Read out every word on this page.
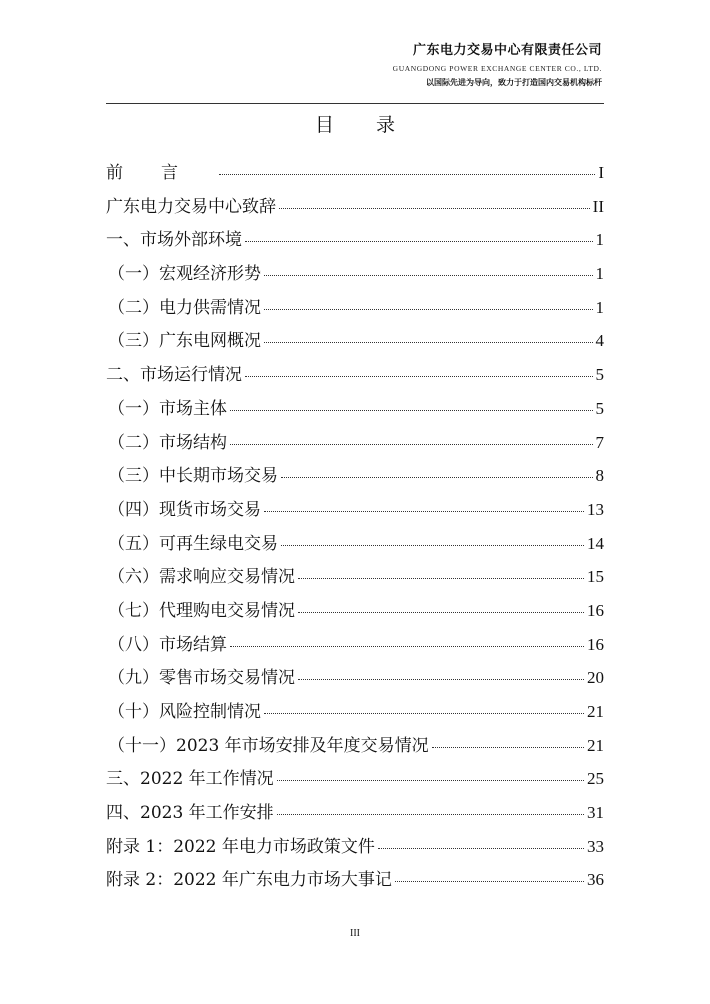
广东电力交易中心有限责任公司
GUANGDONG POWER EXCHANGE CENTER CO., LTD.
以国际先进为导向，致力于打造国内交易机构标杆
目 录
前言	I
广东电力交易中心致辞	II
一、市场外部环境	1
（一）宏观经济形势	1
（二）电力供需情况	1
（三）广东电网概况	4
二、市场运行情况	5
（一）市场主体	5
（二）市场结构	7
（三）中长期市场交易	8
（四）现货市场交易	13
（五）可再生绿电交易	14
（六）需求响应交易情况	15
（七）代理购电交易情况	16
（八）市场结算	16
（九）零售市场交易情况	20
（十）风险控制情况	21
（十一）2023 年市场安排及年度交易情况	21
三、2022 年工作情况	25
四、2023 年工作安排	31
附录 1：2022 年电力市场政策文件	33
附录 2：2022 年广东电力市场大事记	36
III
